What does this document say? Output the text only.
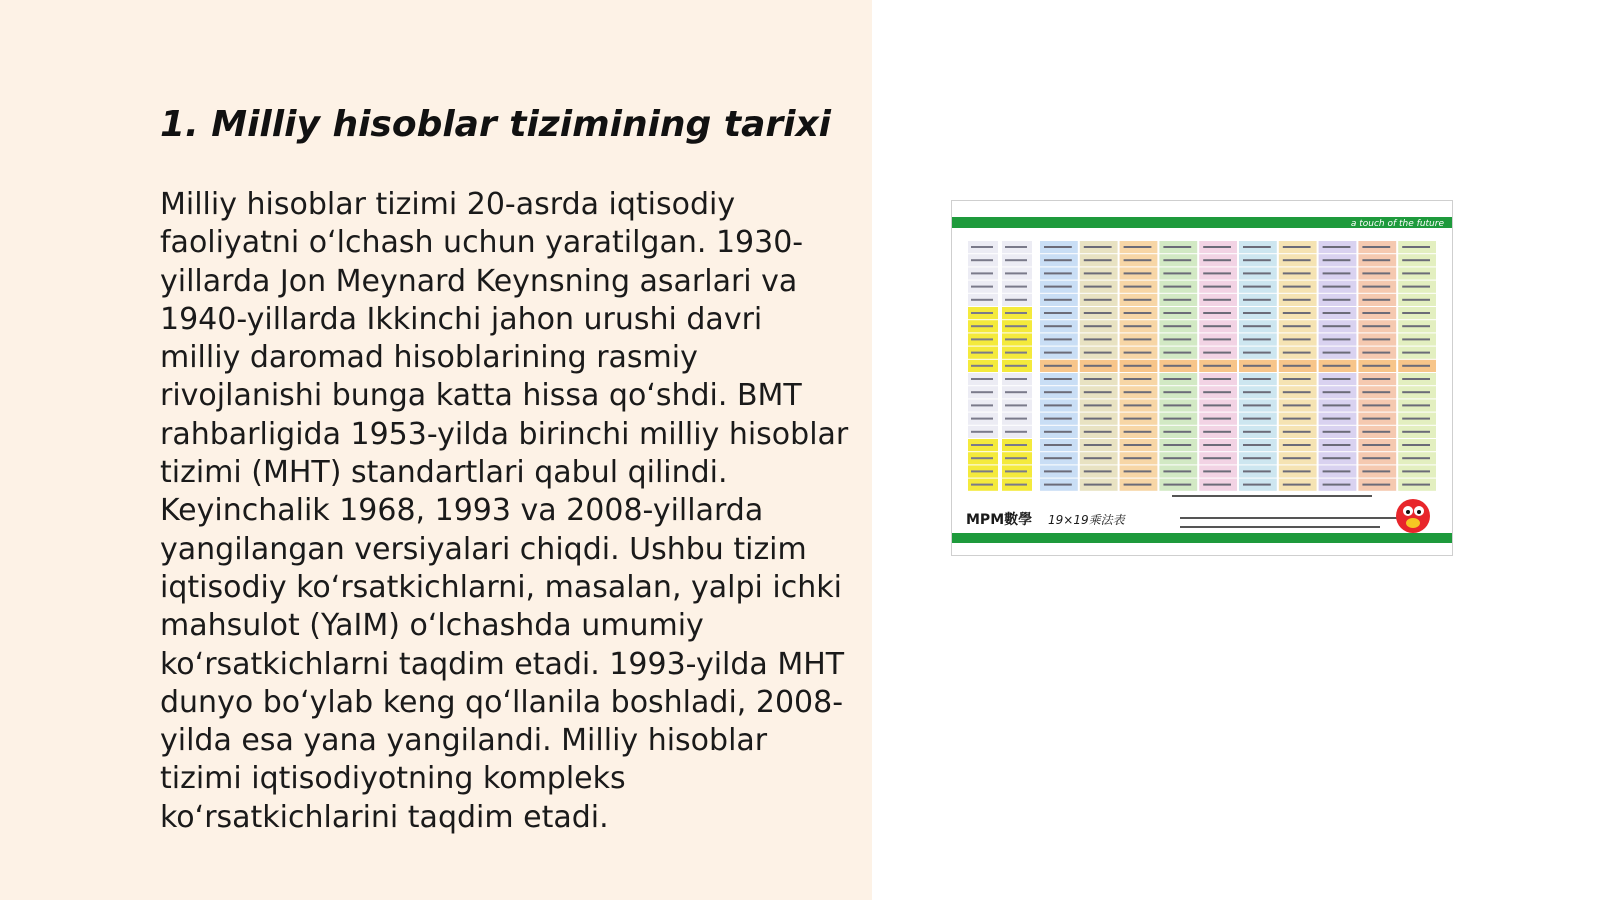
1. Milliy hisoblar tizimining tarixi

Milliy hisoblar tizimi 20-asrda iqtisodiy faoliyatni oʻlchash uchun yaratilgan. 1930-yillarda Jon Meynard Keynsning asarlari va 1940-yillarda Ikkinchi jahon urushi davri milliy daromad hisoblarining rasmiy rivojlanishi bunga katta hissa qoʻshdi. BMT rahbarligida 1953-yilda birinchi milliy hisoblar tizimi (MHT) standartlari qabul qilindi. Keyinchalik 1968, 1993 va 2008-yillarda yangilangan versiyalari chiqdi. Ushbu tizim iqtisodiy koʻrsatkichlarni, masalan, yalpi ichki mahsulot (YaIM) oʻlchashda umumiy koʻrsatkichlarni taqdim etadi. 1993-yilda MHT dunyo boʻylab keng qoʻllanila boshladi, 2008-yilda esa yana yangilandi. Milliy hisoblar tizimi iqtisodiyotning kompleks koʻrsatkichlarini taqdim etadi.

a touch of the future
MPM數學 19×19乘法表
